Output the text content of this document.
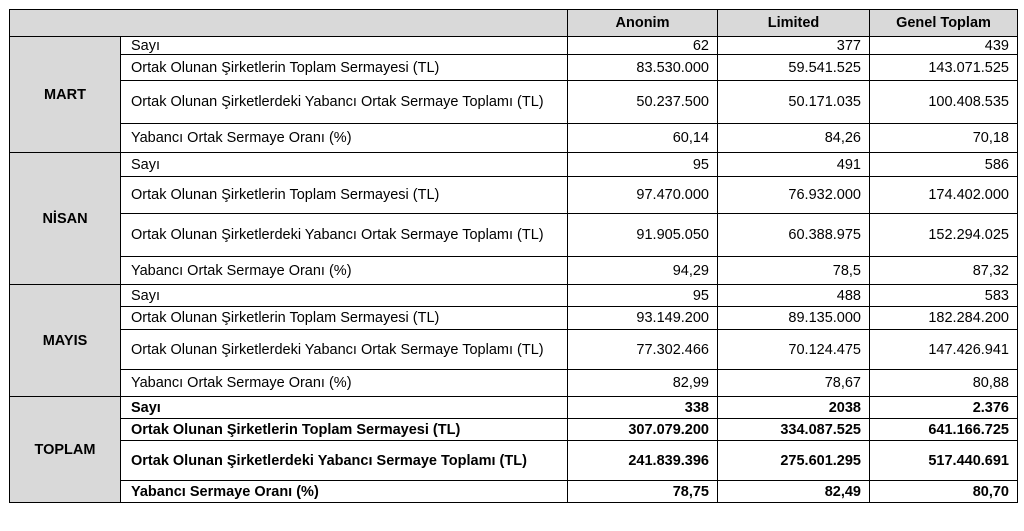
		Anonim	Limited	Genel Toplam
MART	Sayı	62	377	439
	Ortak Olunan Şirketlerin Toplam Sermayesi (TL)	83.530.000	59.541.525	143.071.525
	Ortak Olunan Şirketlerdeki Yabancı Ortak Sermaye Toplamı (TL)	50.237.500	50.171.035	100.408.535
	Yabancı Ortak Sermaye Oranı (%)	60,14	84,26	70,18
NİSAN	Sayı	95	491	586
	Ortak Olunan Şirketlerin Toplam Sermayesi (TL)	97.470.000	76.932.000	174.402.000
	Ortak Olunan Şirketlerdeki Yabancı Ortak Sermaye Toplamı (TL)	91.905.050	60.388.975	152.294.025
	Yabancı Ortak Sermaye Oranı (%)	94,29	78,5	87,32
MAYIS	Sayı	95	488	583
	Ortak Olunan Şirketlerin Toplam Sermayesi (TL)	93.149.200	89.135.000	182.284.200
	Ortak Olunan Şirketlerdeki Yabancı Ortak Sermaye Toplamı (TL)	77.302.466	70.124.475	147.426.941
	Yabancı Ortak Sermaye Oranı (%)	82,99	78,67	80,88
TOPLAM	Sayı	338	2038	2.376
	Ortak Olunan Şirketlerin Toplam Sermayesi (TL)	307.079.200	334.087.525	641.166.725
	Ortak Olunan Şirketlerdeki Yabancı Sermaye Toplamı (TL)	241.839.396	275.601.295	517.440.691
	Yabancı Sermaye Oranı (%)	78,75	82,49	80,70
